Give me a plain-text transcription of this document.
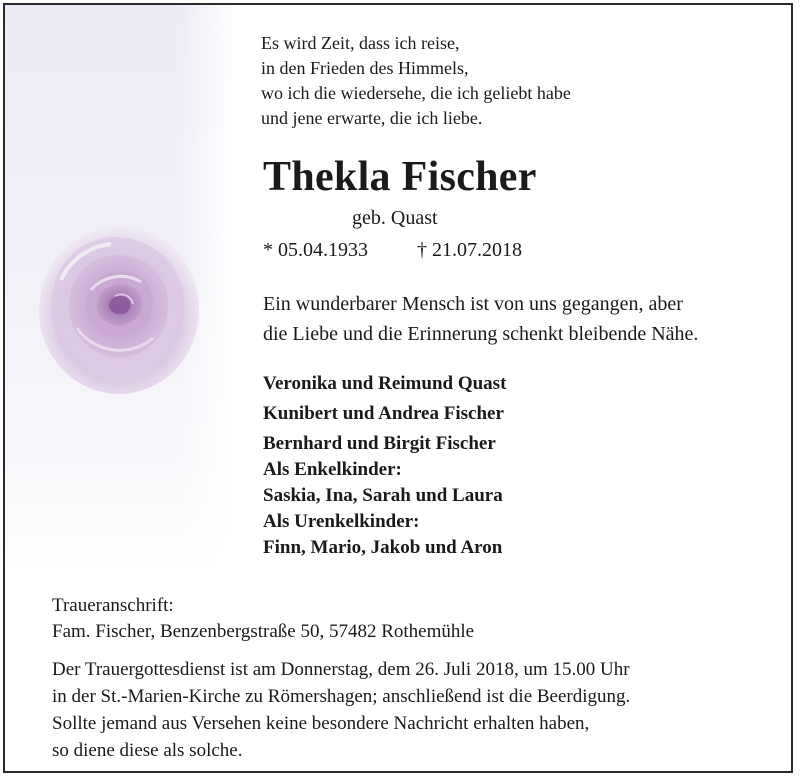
Es wird Zeit, dass ich reise,
in den Frieden des Himmels,
wo ich die wiedersehe, die ich geliebt habe
und jene erwarte, die ich liebe.
Thekla Fischer
geb. Quast
* 05.04.1933 † 21.07.2018
Ein wunderbarer Mensch ist von uns gegangen, aber
die Liebe und die Erinnerung schenkt bleibende Nähe.
Veronika und Reimund Quast
Kunibert und Andrea Fischer
Bernhard und Birgit Fischer
Als Enkelkinder:
Saskia, Ina, Sarah und Laura
Als Urenkelkinder:
Finn, Mario, Jakob und Aron
Traueranschrift:
Fam. Fischer, Benzenbergstraße 50, 57482 Rothemühle
Der Trauergottesdienst ist am Donnerstag, dem 26. Juli 2018, um 15.00 Uhr
in der St.-Marien-Kirche zu Römershagen; anschließend ist die Beerdigung.
Sollte jemand aus Versehen keine besondere Nachricht erhalten haben,
so diene diese als solche.
